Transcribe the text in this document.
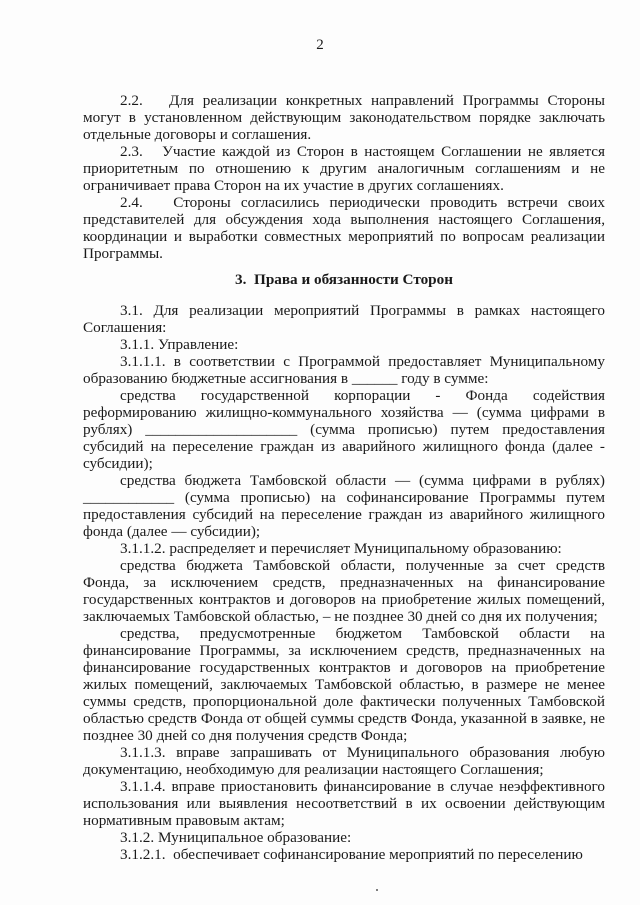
2

2.2.   Для реализации конкретных направлений Программы Стороны могут в установленном действующим законодательством порядке заключать отдельные договоры и соглашения.

2.3.   Участие каждой из Сторон в настоящем Соглашении не является приоритетным по отношению к другим аналогичным соглашениям и не ограничивает права Сторон на их участие в других соглашениях.

2.4.   Стороны согласились периодически проводить встречи своих представителей для обсуждения хода выполнения настоящего Соглашения, координации и выработки совместных мероприятий по вопросам реализации Программы.

3.  Права и обязанности Сторон

3.1. Для реализации мероприятий Программы в рамках настоящего Соглашения:

3.1.1. Управление:

3.1.1.1. в соответствии с Программой предоставляет Муниципальному образованию бюджетные ассигнования в ______ году в сумме:

средства государственной корпорации - Фонда содействия реформированию жилищно-коммунального хозяйства — (сумма цифрами в рублях) ____________________ (сумма прописью) путем предоставления субсидий на переселение граждан из аварийного жилищного фонда (далее - субсидии);

средства бюджета Тамбовской области — (сумма цифрами в рублях) ____________ (сумма прописью) на софинансирование Программы путем предоставления субсидий на переселение граждан из аварийного жилищного фонда (далее — субсидии);

3.1.1.2. распределяет и перечисляет Муниципальному образованию:

средства бюджета Тамбовской области, полученные за счет средств Фонда, за исключением средств, предназначенных на финансирование государственных контрактов и договоров на приобретение жилых помещений, заключаемых Тамбовской областью, – не позднее 30 дней со дня их получения;

средства, предусмотренные бюджетом Тамбовской области на финансирование Программы, за исключением средств, предназначенных на финансирование государственных контрактов и договоров на приобретение жилых помещений, заключаемых Тамбовской областью, в размере не менее суммы средств, пропорциональной доле фактически полученных Тамбовской областью средств Фонда от общей суммы средств Фонда, указанной в заявке, не позднее 30 дней со дня получения средств Фонда;

3.1.1.3. вправе запрашивать от Муниципального образования любую документацию, необходимую для реализации настоящего Соглашения;

3.1.1.4. вправе приостановить финансирование в случае неэффективного использования или выявления несоответствий в их освоении действующим нормативным правовым актам;

3.1.2. Муниципальное образование:

3.1.2.1.  обеспечивает софинансирование мероприятий по переселению
